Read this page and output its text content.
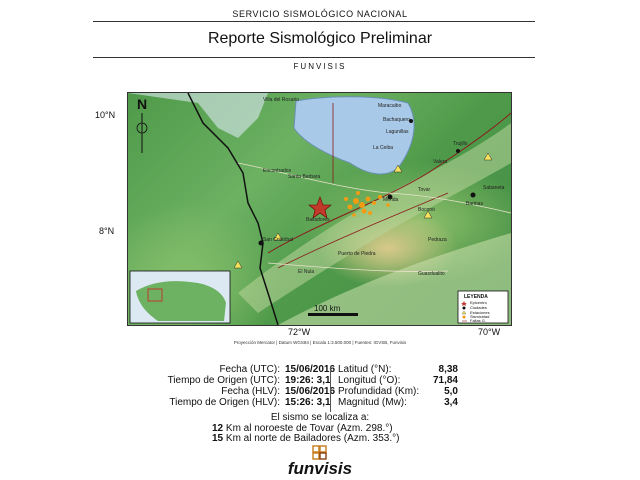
SERVICIO SISMOLÓGICO NACIONAL
Reporte Sismológico Preliminar
FUNVISIS
10°N
8°N
N	Villa del Rosario
Maracaibo
Lagunillas
Bachaquero
La Ceiba
Encontrados
Santa Barbara
Trujillo
Mérida
Barinas
Tovar
San Cristóbal
Sabaneta
Pedraza
Guasdualito
Puerto de Piedra
El Nula
Bailadores
Valera
Boconó
100 km
LEYENDA
Epicentro
Ciudades
Estaciones
Sismicidad
Fallas G.
72°W	70°W
Proyección Mercator | Datum WGS84 | Escala 1:3.500.000 | Fuentes: IGVSB, Funvisis
Fecha (UTC):
Tiempo de Origen (UTC):
Fecha (HLV):
Tiempo de Origen (HLV):
15/06/2016
19:26: 3,1
15/06/2016
15:26: 3,1
Latitud (°N):
Longitud (°O):
Profundidad (Km):
Magnitud (Mw):
8,38
71,84
5,0
3,4
El sismo se localiza a:
12 Km al noroeste de Tovar (Azm. 298.°)
15 Km al norte de Bailadores (Azm. 353.°)
funvisis
